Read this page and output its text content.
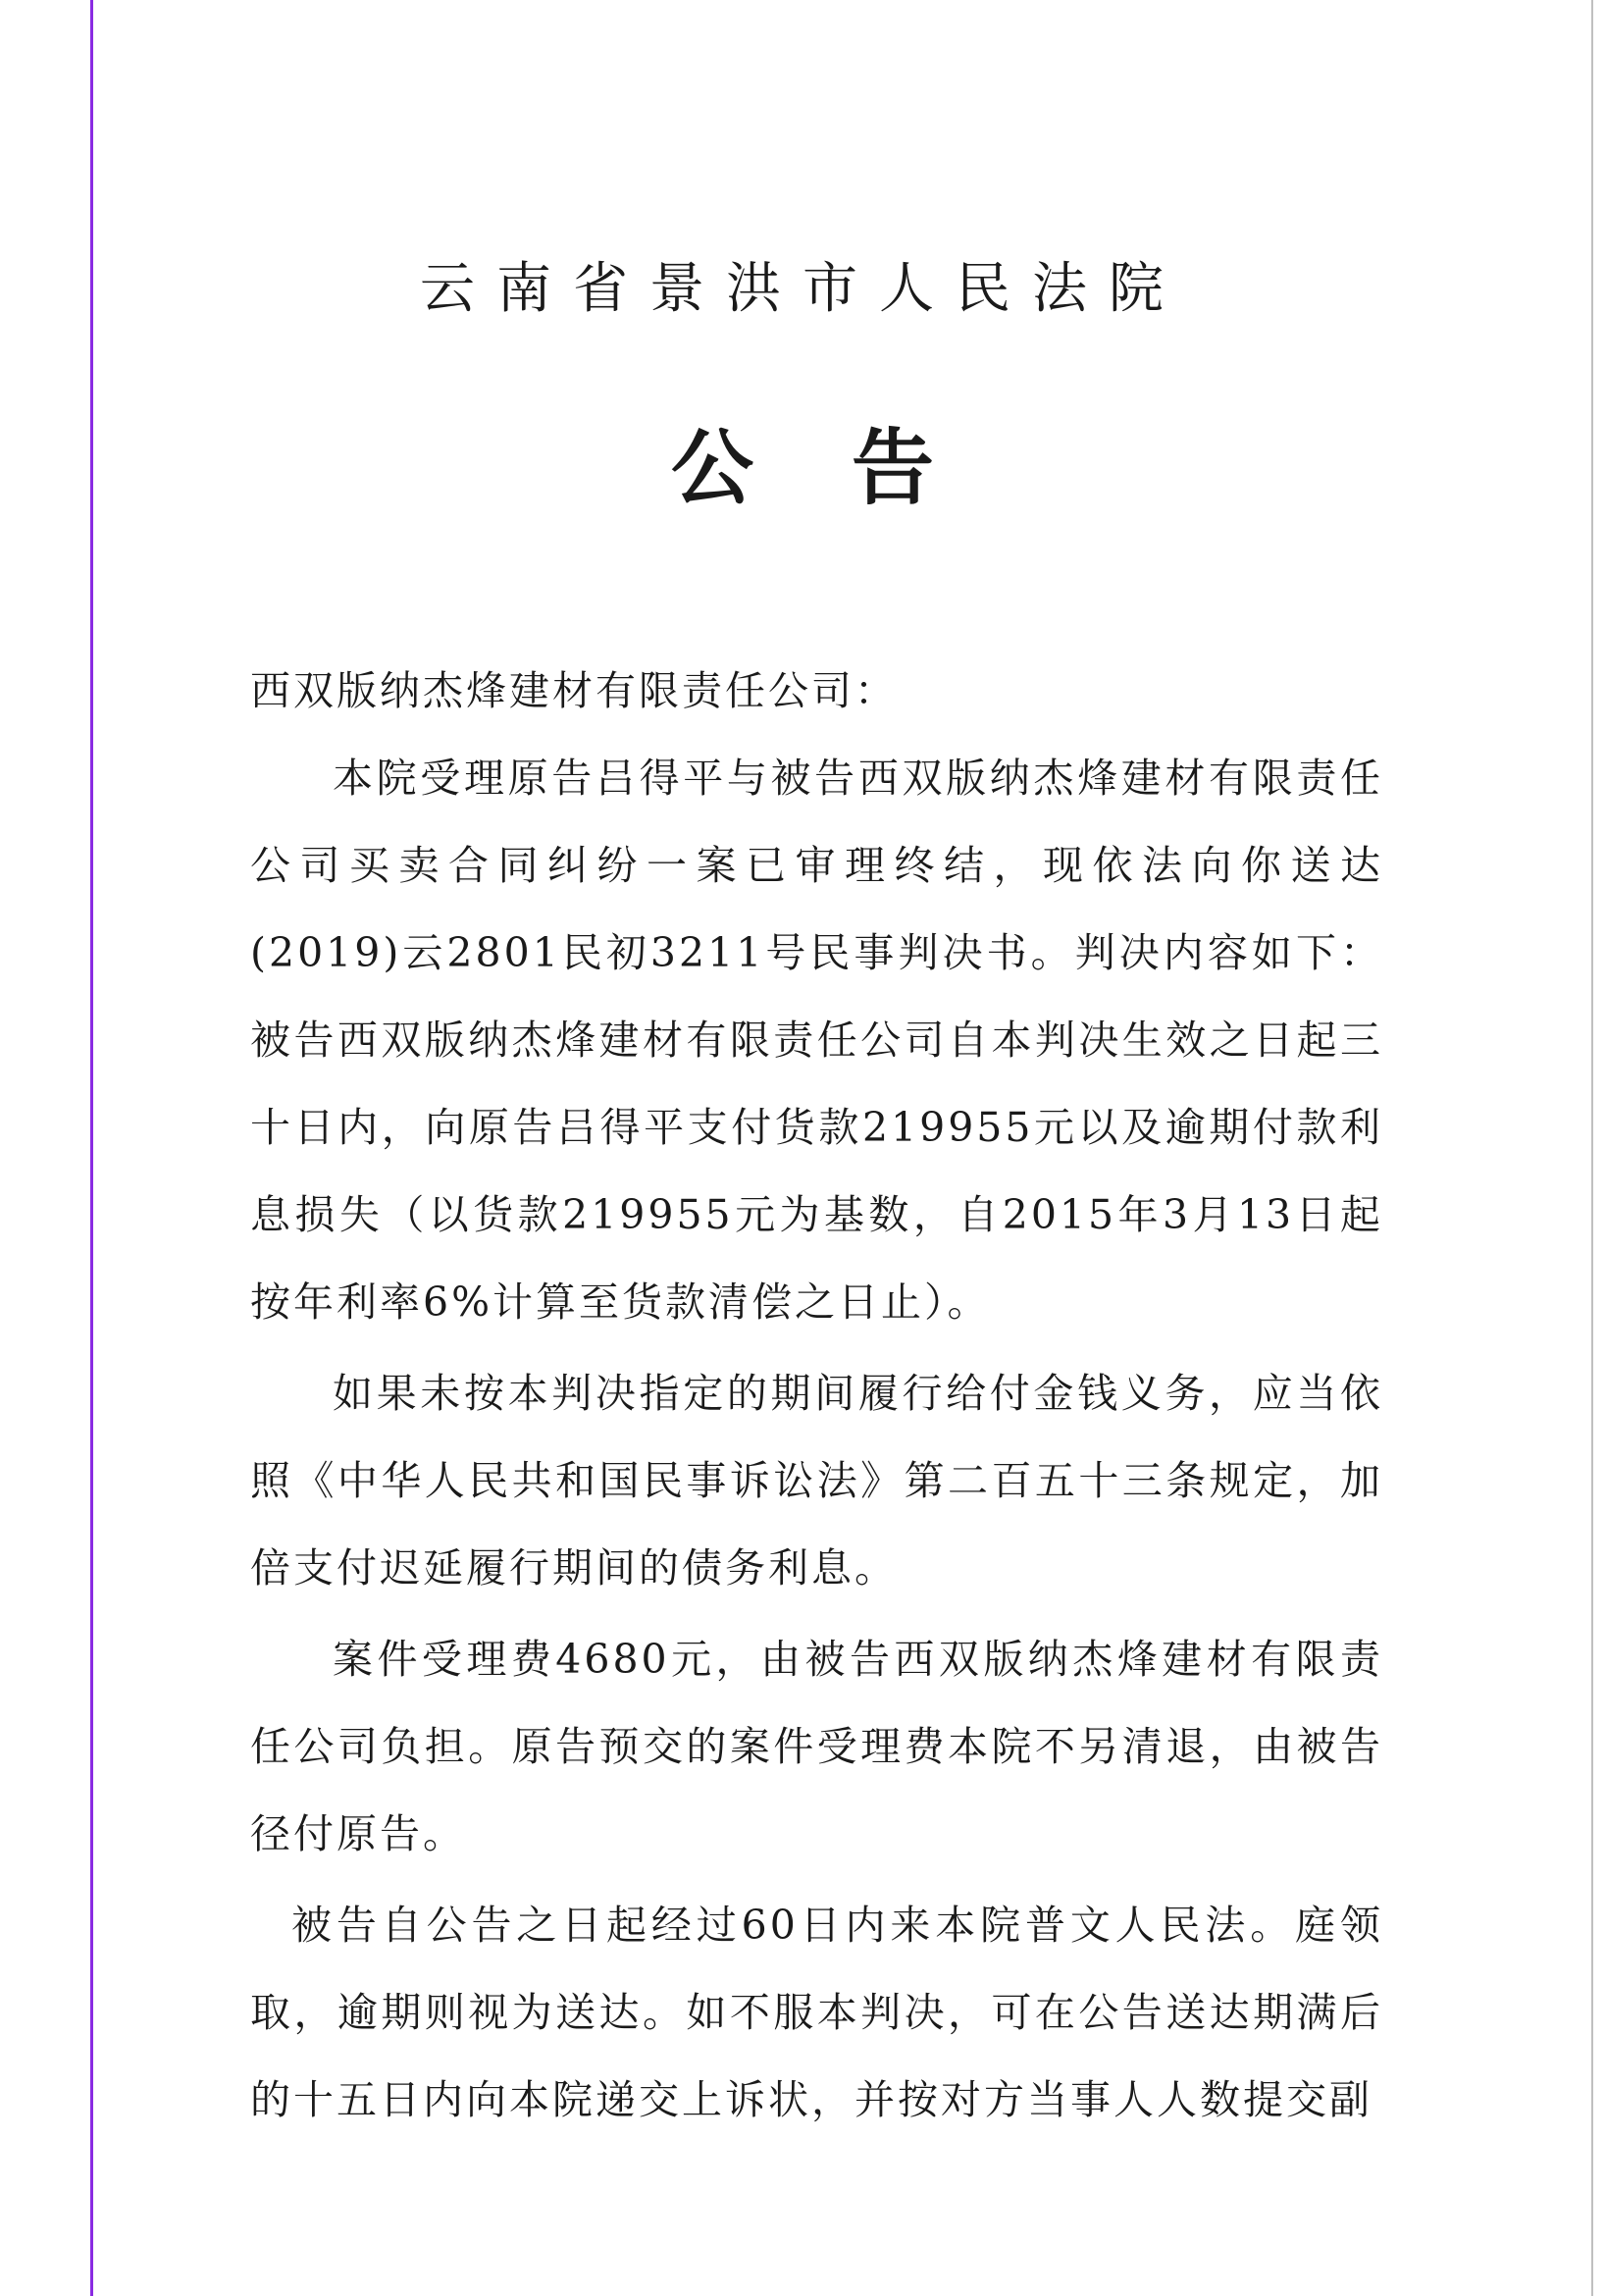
云南省景洪市人民法院
公告

西双版纳杰烽建材有限责任公司：

本院受理原告吕得平与被告西双版纳杰烽建材有限责任公司买卖合同纠纷一案已审理终结，现依法向你送达(2019)云2801民初3211号民事判决书。判决内容如下：被告西双版纳杰烽建材有限责任公司自本判决生效之日起三十日内，向原告吕得平支付货款219955元以及逾期付款利息损失（以货款219955元为基数，自2015年3月13日起按年利率6%计算至货款清偿之日止）。

如果未按本判决指定的期间履行给付金钱义务，应当依照《中华人民共和国民事诉讼法》第二百五十三条规定，加倍支付迟延履行期间的债务利息。

案件受理费4680元，由被告西双版纳杰烽建材有限责任公司负担。原告预交的案件受理费本院不另清退，由被告径付原告。

被告自公告之日起经过60日内来本院普文人民法。庭领取，逾期则视为送达。如不服本判决，可在公告送达期满后的十五日内向本院递交上诉状，并按对方当事人人数提交副
